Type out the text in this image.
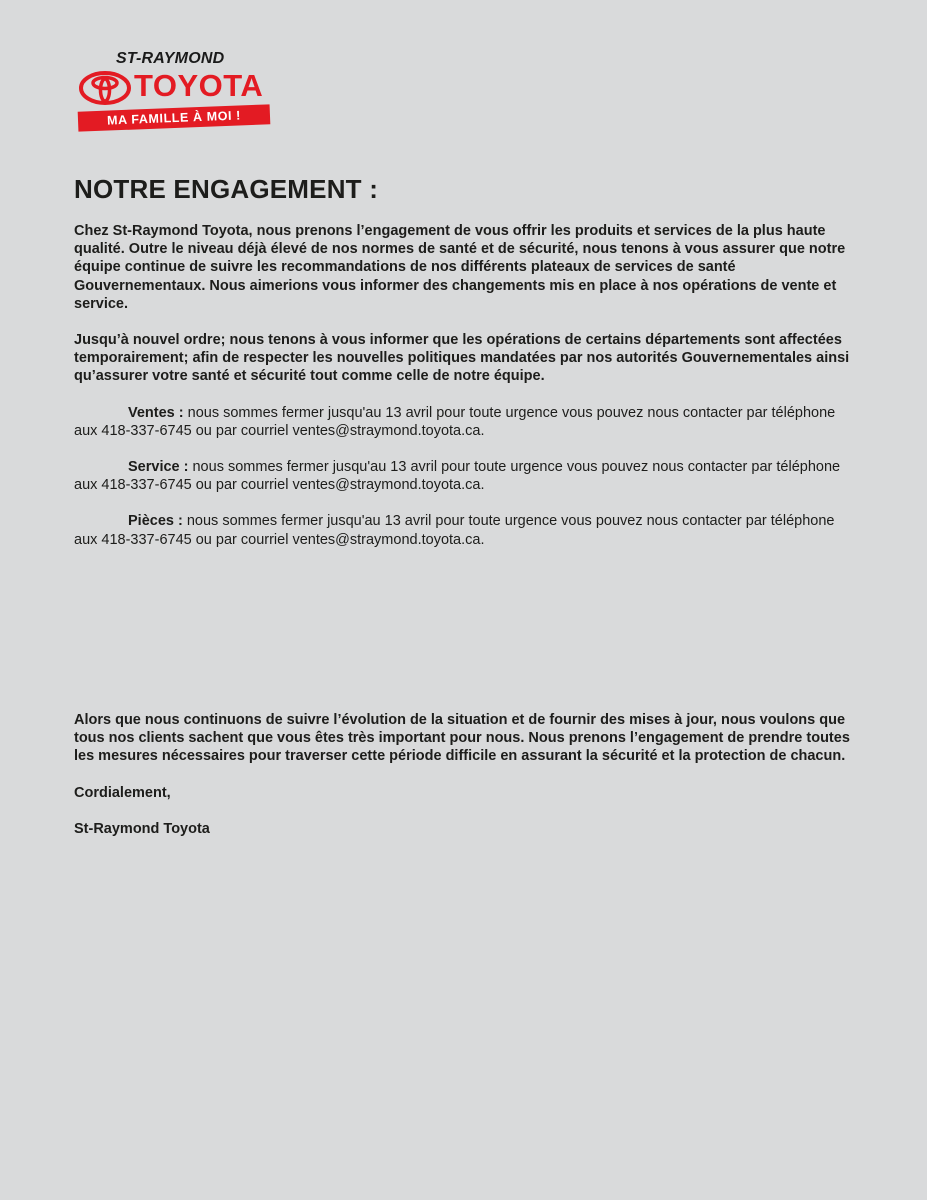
ST-RAYMOND
TOYOTA
MA FAMILLE À MOI !
NOTRE ENGAGEMENT :

Chez St-Raymond Toyota, nous prenons l’engagement de vous offrir les produits et services de la plus haute qualité. Outre le niveau déjà élevé de nos normes de santé et de sécurité, nous tenons à vous assurer que notre équipe continue de suivre les recommandations de nos différents plateaux de services de santé Gouvernementaux. Nous aimerions vous informer des changements mis en place à nos opérations de vente et service.

Jusqu’à nouvel ordre; nous tenons à vous informer que les opérations de certains départements sont affectées temporairement; afin de respecter les nouvelles politiques mandatées par nos autorités Gouvernementales ainsi qu’assurer votre santé et sécurité tout comme celle de notre équipe.

Ventes : nous sommes fermer jusqu'au 13 avril pour toute urgence vous pouvez nous contacter par téléphone aux 418-337-6745 ou par courriel ventes@straymond.toyota.ca.

Service : nous sommes fermer jusqu'au 13 avril pour toute urgence vous pouvez nous contacter par téléphone aux 418-337-6745 ou par courriel ventes@straymond.toyota.ca.

Pièces : nous sommes fermer jusqu'au 13 avril pour toute urgence vous pouvez nous contacter par téléphone aux 418-337-6745 ou par courriel ventes@straymond.toyota.ca.

Alors que nous continuons de suivre l’évolution de la situation et de fournir des mises à jour, nous voulons que tous nos clients sachent que vous êtes très important pour nous. Nous prenons l’engagement de prendre toutes les mesures nécessaires pour traverser cette période difficile en assurant la sécurité et la protection de chacun.

Cordialement,

St-Raymond Toyota
